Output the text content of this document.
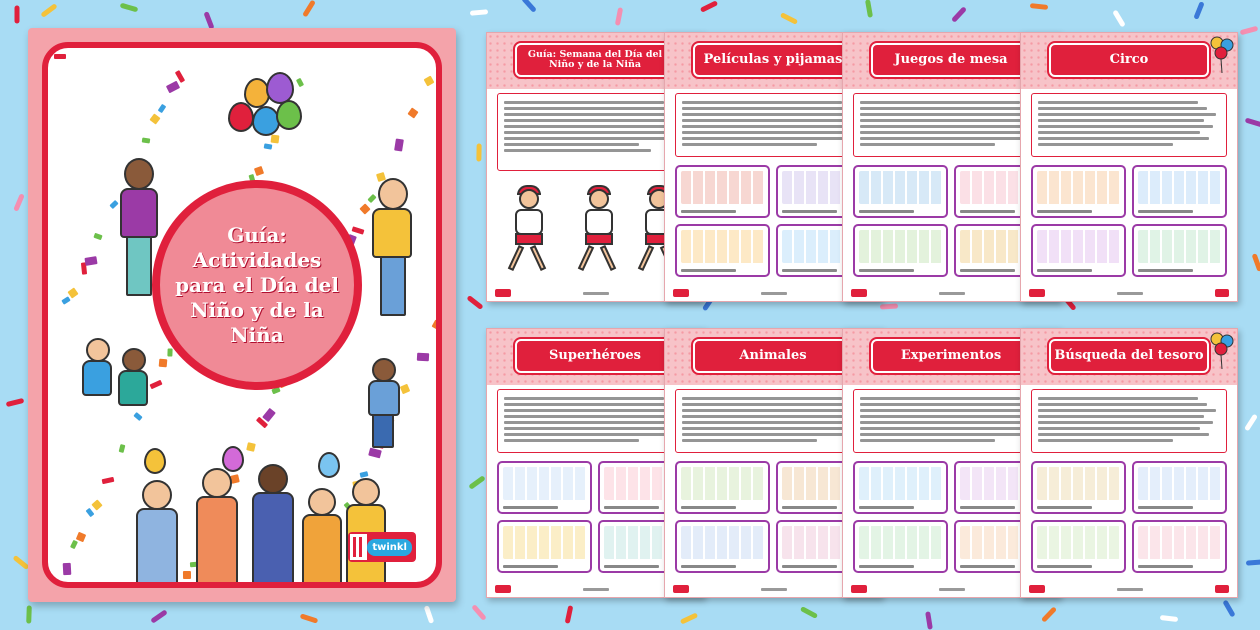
Guía: Actividades para el Día del Niño y de la Niña
twinkl
Guía: Semana del Día del Niño y de la Niña	Películas y pijamas	Juegos de mesa	Circo
Superhéroes	Animales	Experimentos	Búsqueda del tesoro
